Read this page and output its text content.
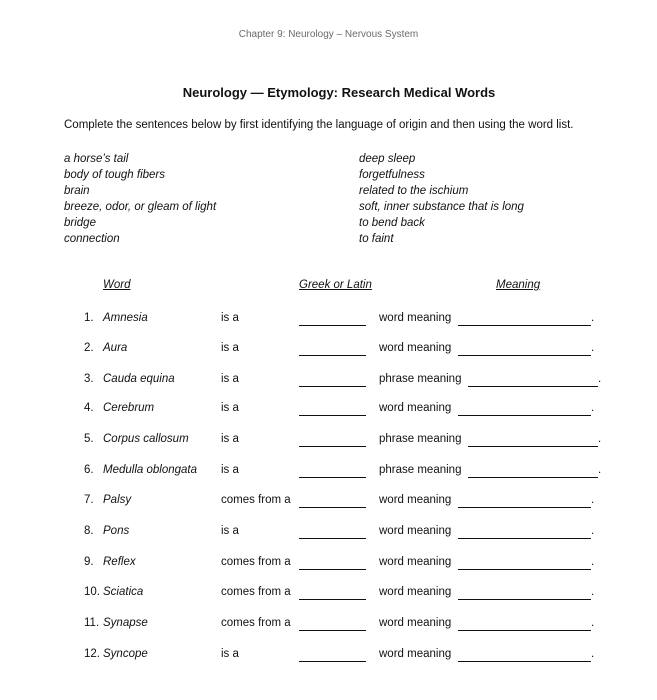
Chapter 9: Neurology – Nervous System
Neurology — Etymology: Research Medical Words
Complete the sentences below by first identifying the language of origin and then using the word list.
a horse’s tail
body of tough fibers
brain
breeze, odor, or gleam of light
bridge
connection
deep sleep
forgetfulness
related to the ischium
soft, inner substance that is long
to bend back
to faint
Word	Greek or Latin	Meaning
1. Amnesia	is a	word meaning	.
2. Aura	is a	word meaning	.
3. Cauda equina	is a	phrase meaning	.
4. Cerebrum	is a	word meaning	.
5. Corpus callosum	is a	phrase meaning	.
6. Medulla oblongata is a	phrase meaning	.
7. Palsy	comes from a	word meaning	.
8. Pons	is a	word meaning	.
9. Reflex	comes from a	word meaning	.
10. Sciatica	comes from a	word meaning	.
11. Synapse	comes from a	word meaning	.
12. Syncope	is a	word meaning	.
